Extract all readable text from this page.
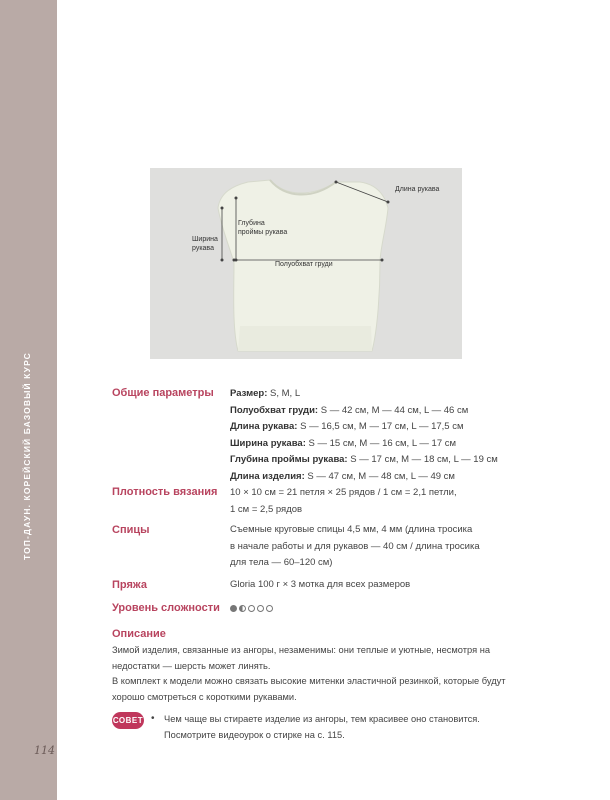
ТОП-ДАУН. КОРЕЙСКИЙ БАЗОВЫЙ КУРС
114
Длина рукава
Глубина
проймы рукава
Ширина
рукава
Полуобхват груди
Общие параметры Размер: S, M, L
Полуобхват груди: S — 42 см, M — 44 см, L — 46 см
Длина рукава: S — 16,5 см, M — 17 см, L — 17,5 см
Ширина рукава: S — 15 см, M — 16 см, L — 17 см
Глубина проймы рукава: S — 17 см, M — 18 см, L — 19 см
Длина изделия: S — 47 см, M — 48 см, L — 49 см
Плотность вязания 10 × 10 см = 21 петля × 25 рядов / 1 см = 2,1 петли,
1 см = 2,5 рядов
Спицы	Съемные круговые спицы 4,5 мм, 4 мм (длина тросика
в начале работы и для рукавов — 40 см / длина тросика
для тела — 60–120 см)
Пряжа	Gloria 100 г × 3 мотка для всех размеров
Уровень сложности
Описание
Зимой изделия, связанные из ангоры, незаменимы: они теплые и уютные, несмотря на недостатки — шерсть может линять.
В комплект к модели можно связать высокие митенки эластичной резинкой, которые будут хорошо смотреться с короткими рукавами.
СОВЕТ • Чем чаще вы стираете изделие из ангоры, тем красивее оно становится. Посмотрите видеоурок о стирке на с. 115.
